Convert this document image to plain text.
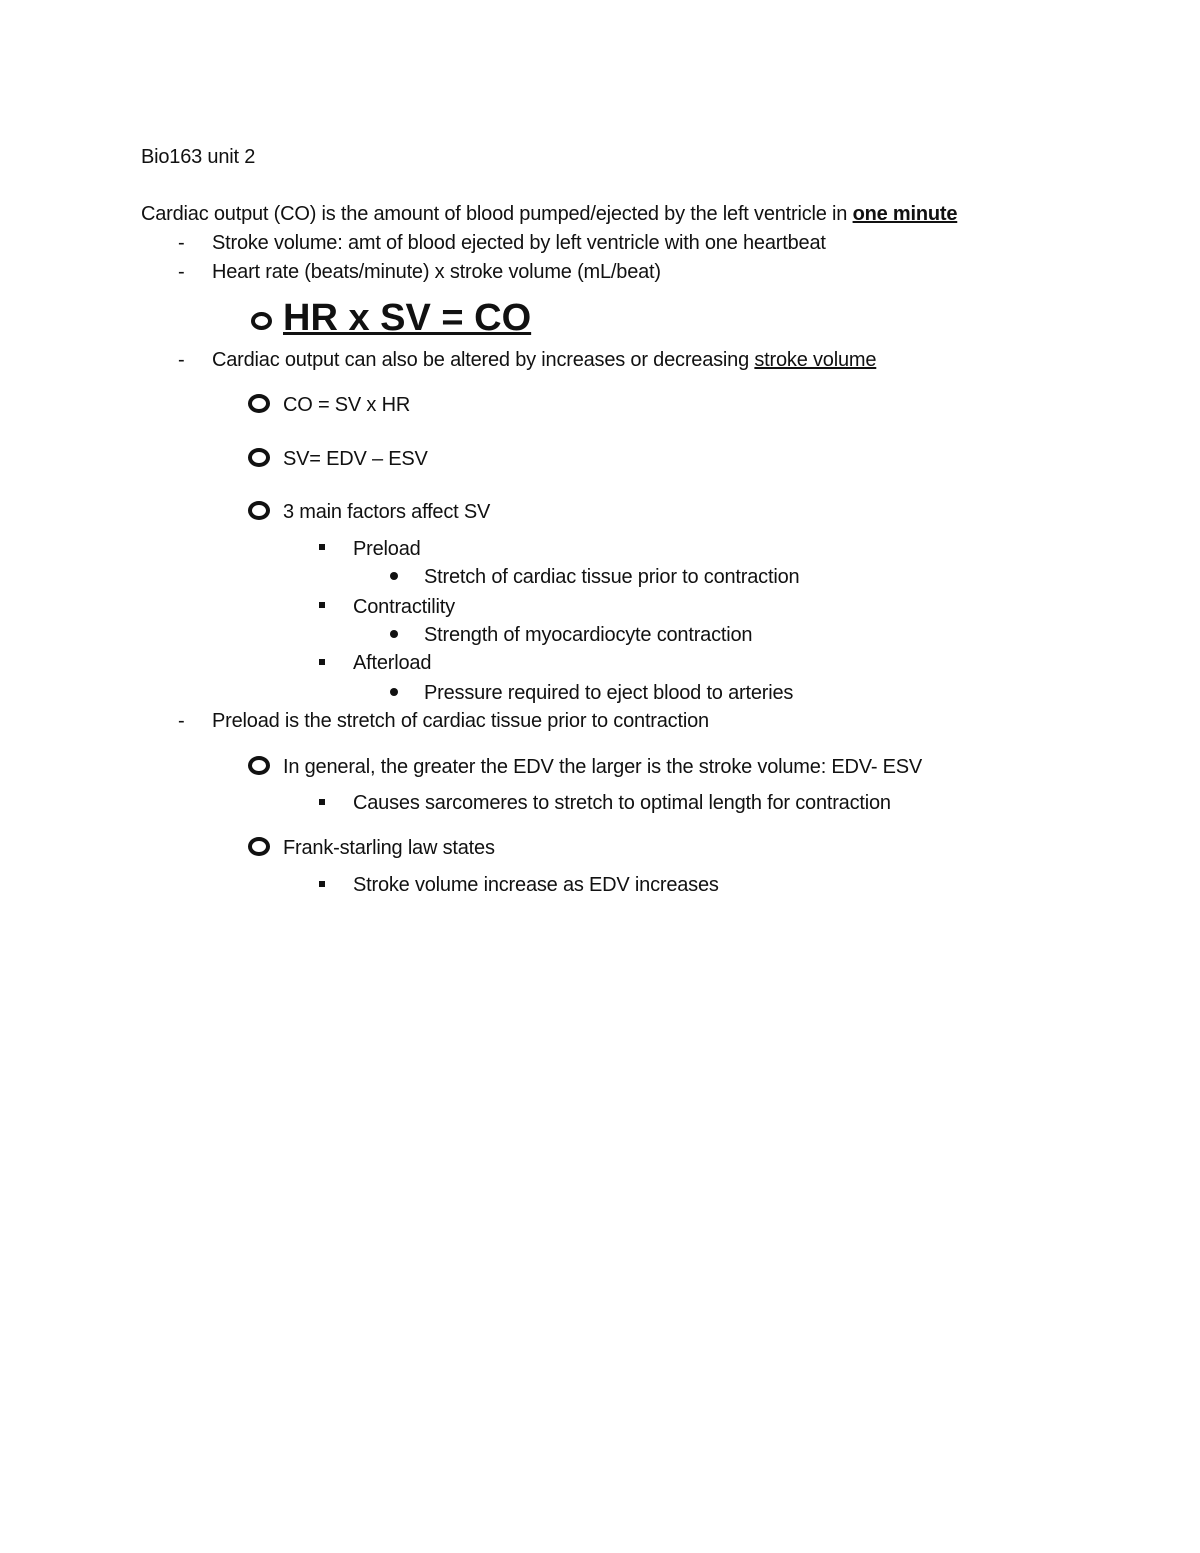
Bio163 unit 2
Cardiac output (CO) is the amount of blood pumped/ejected by the left ventricle in one minute
- Stroke volume: amt of blood ejected by left ventricle with one heartbeat
- Heart rate (beats/minute) x stroke volume (mL/beat)
HR x SV = CO
- Cardiac output can also be altered by increases or decreasing stroke volume
CO = SV x HR
SV= EDV – ESV
3 main factors affect SV
Preload
Stretch of cardiac tissue prior to contraction
Contractility
Strength of myocardiocyte contraction
Afterload
Pressure required to eject blood to arteries
- Preload is the stretch of cardiac tissue prior to contraction
In general, the greater the EDV the larger is the stroke volume: EDV- ESV
Causes sarcomeres to stretch to optimal length for contraction
Frank-starling law states
Stroke volume increase as EDV increases
